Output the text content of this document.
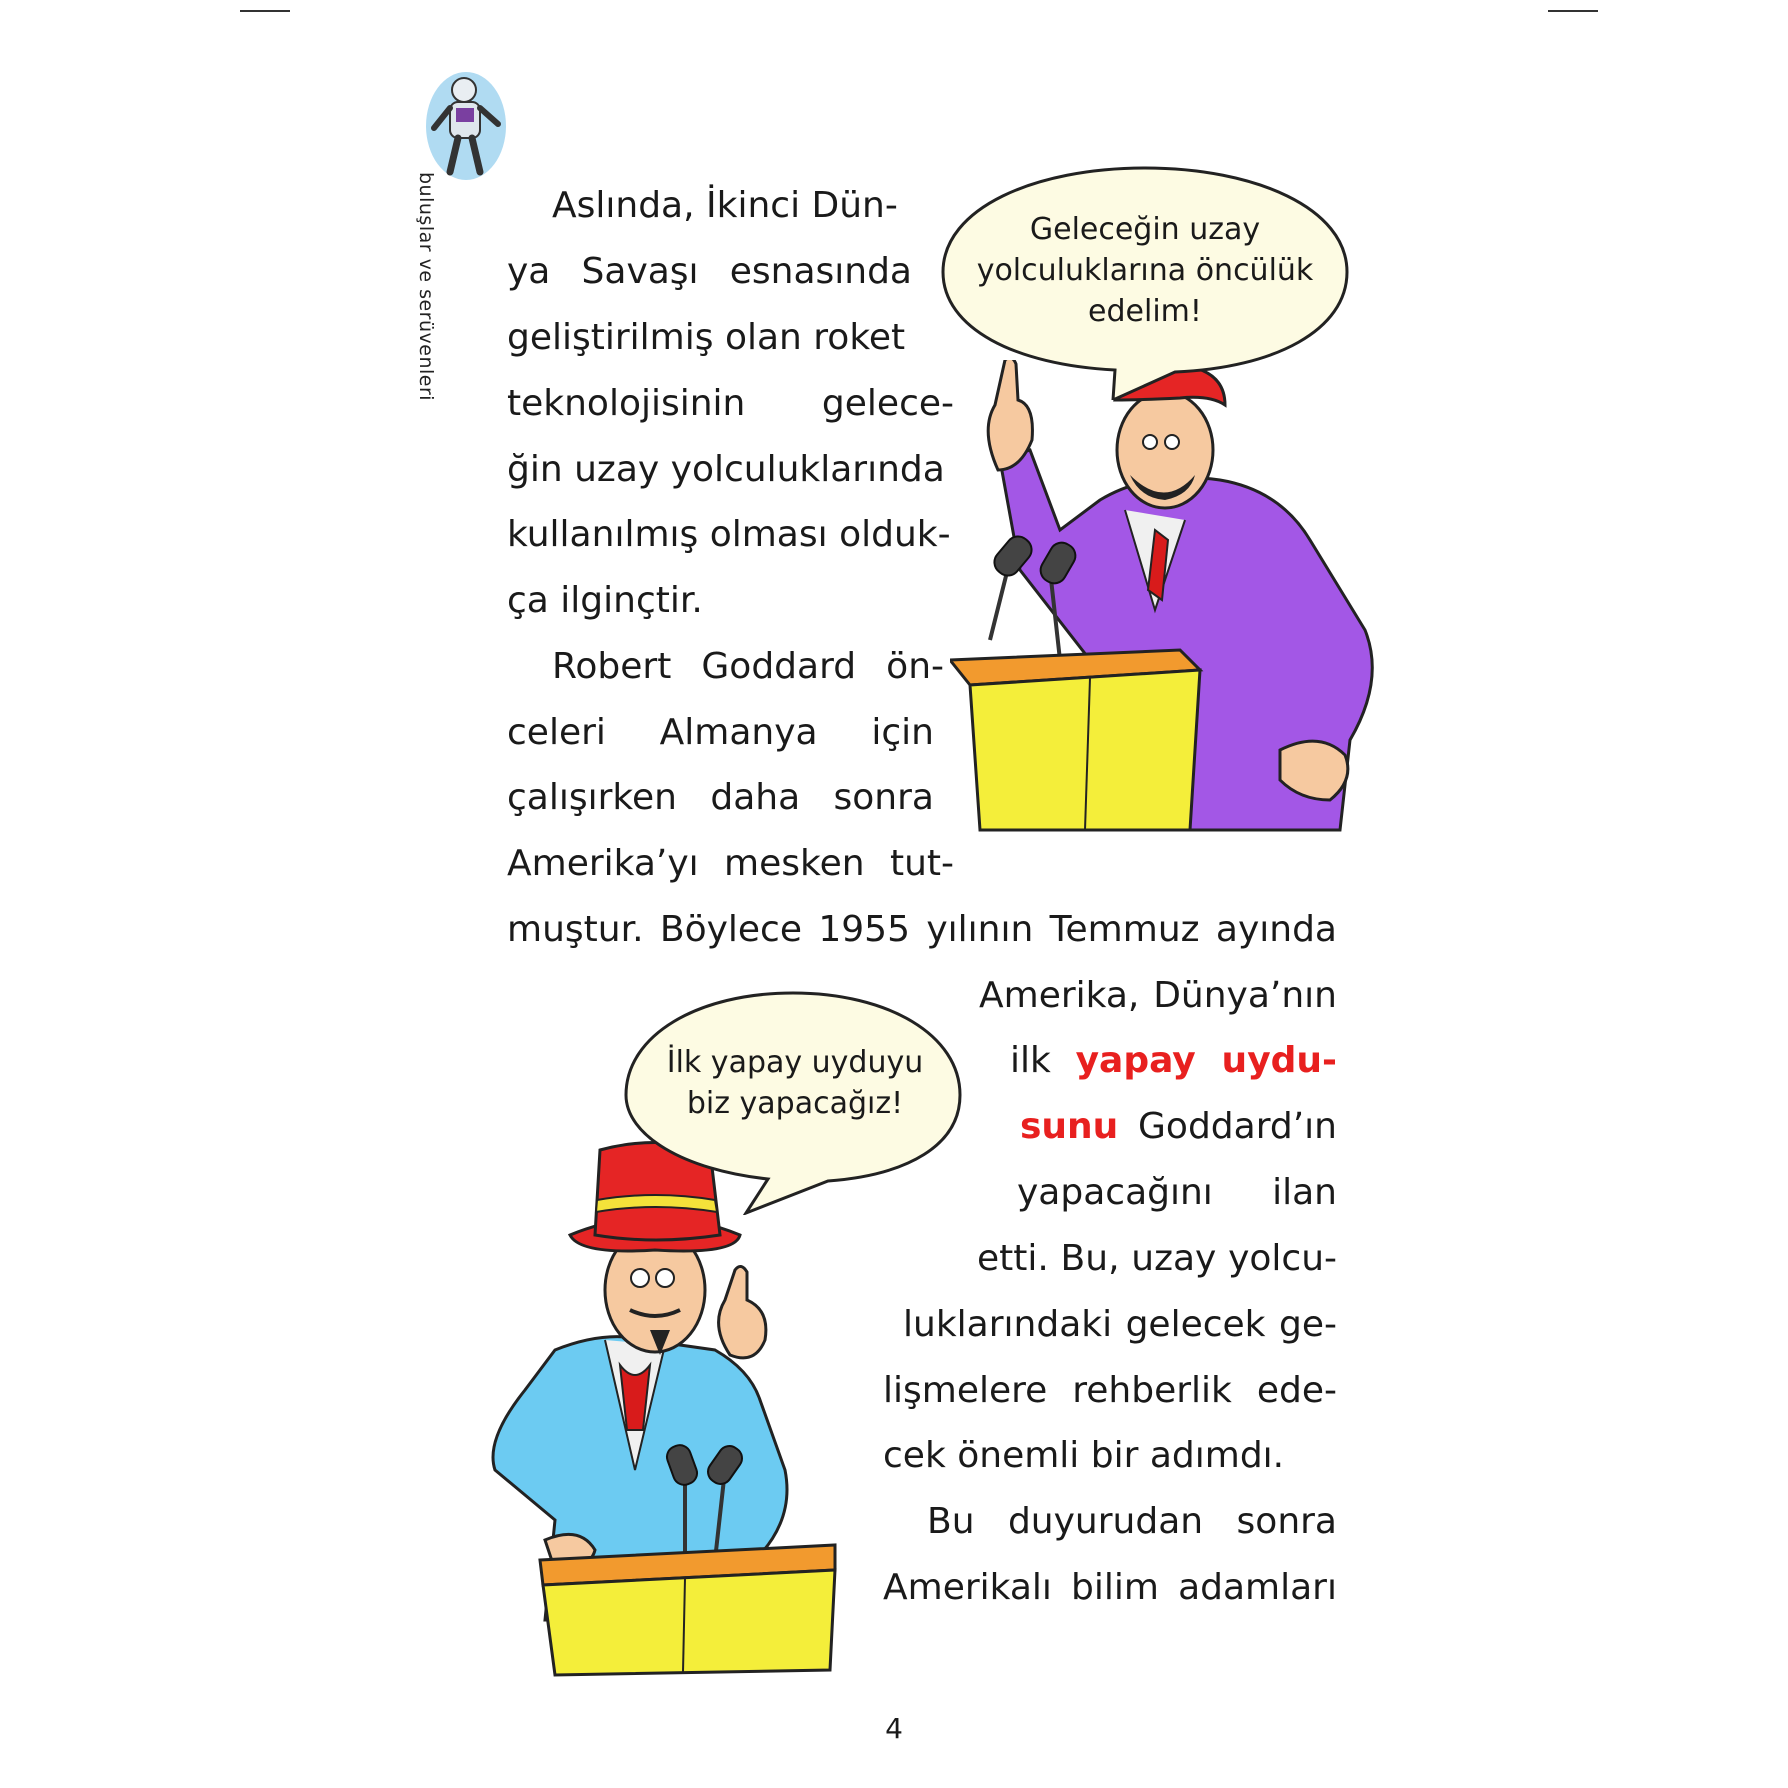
buluşlar ve serüvenleri	Geleceğin uzay
yolculuklarına öncülük
edelim!
İlk yapay uyduyu
biz yapacağız!
Aslında, İkinci Dün-
ya Savaşı esnasında
geliştirilmiş olan roket
teknolojisinin gelece-
ğin uzay yolculuklarında
kullanılmış olması olduk-
ça ilginçtir.
Robert Goddard ön-
celeri Almanya için
çalışırken daha sonra
Amerika’yı mesken tut-
muştur. Böylece 1955 yılının Temmuz ayında
Amerika, Dünya’nın
ilk yapay uydu-
sunu Goddard’ın
yapacağını ilan
etti. Bu, uzay yolcu-
luklarındaki gelecek ge-
lişmelere rehberlik ede-
cek önemli bir adımdı.
Bu duyurudan sonra
Amerikalı bilim adamları
4
